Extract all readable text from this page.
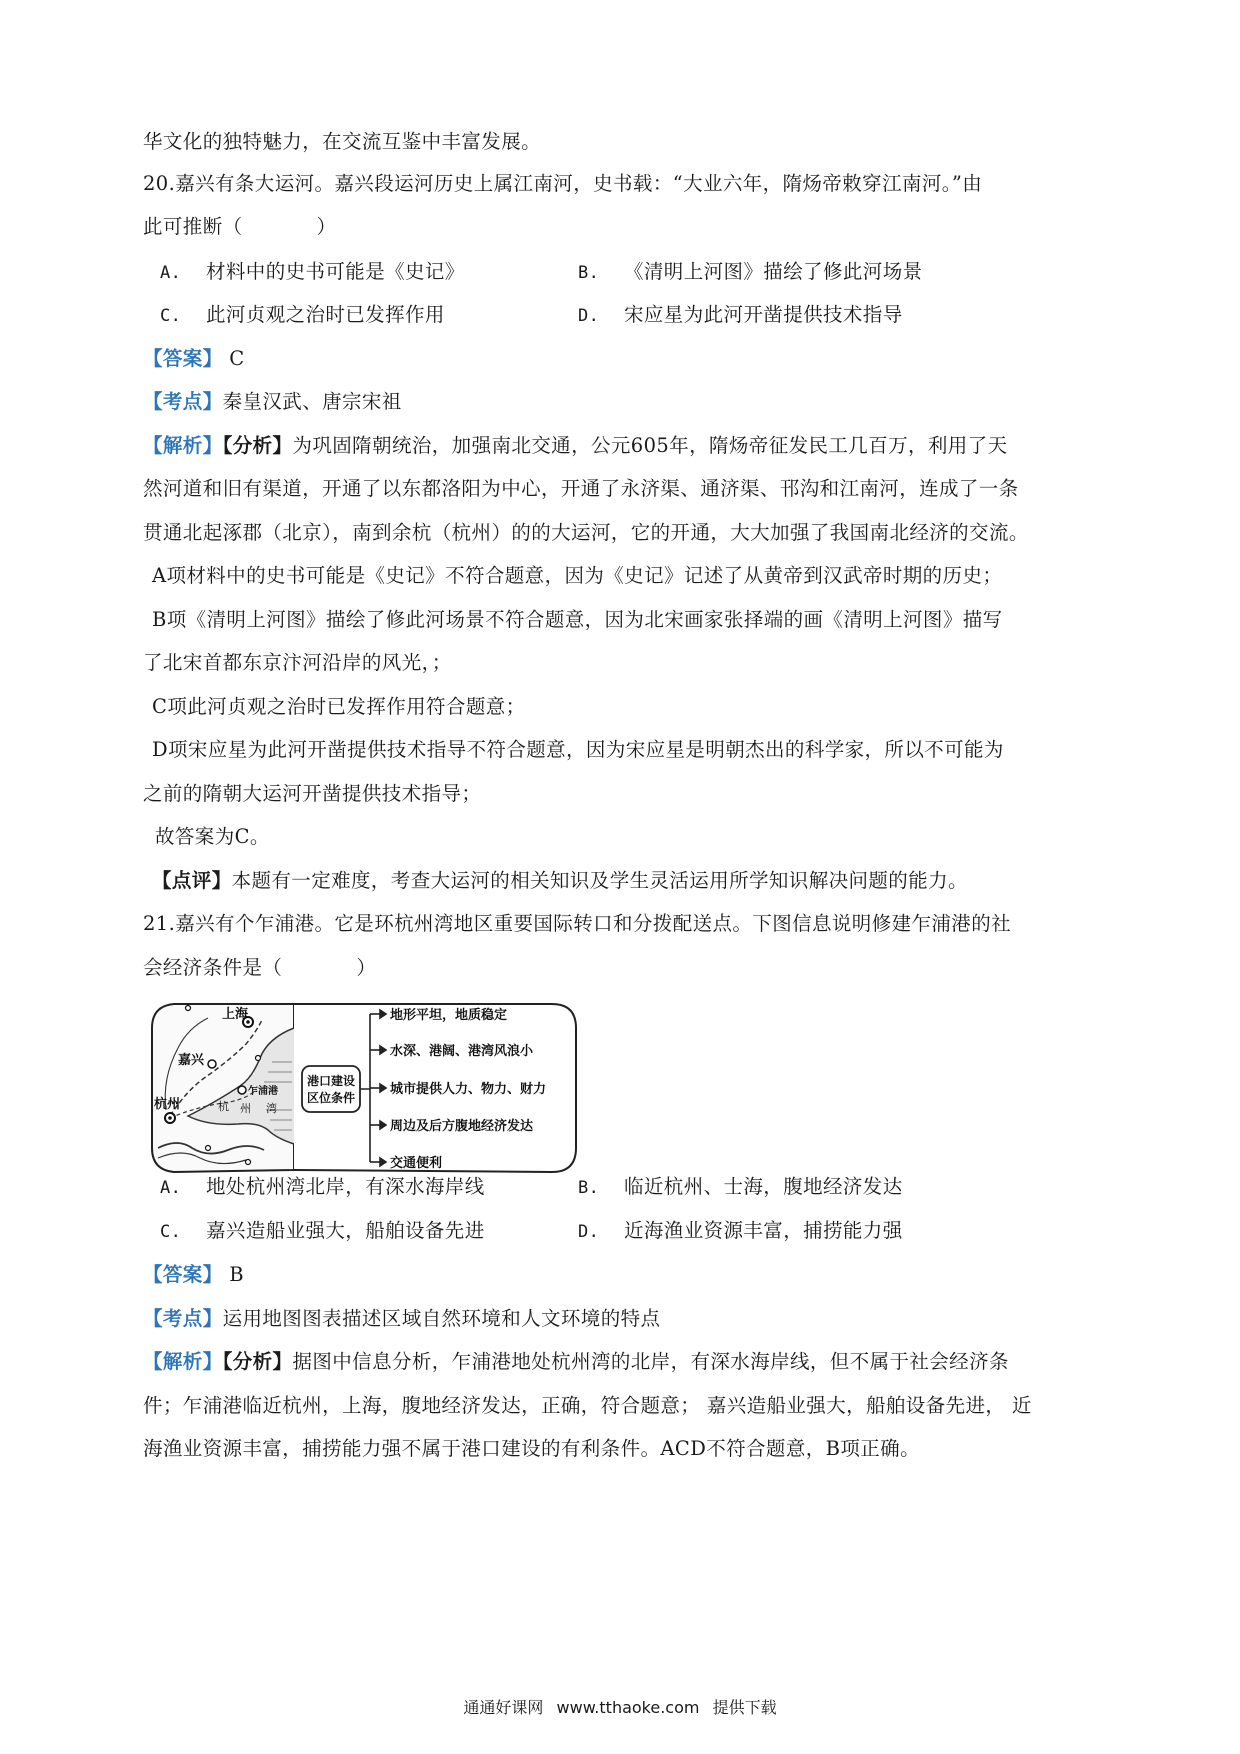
华文化的独特魅力，在交流互鉴中丰富发展。
20.嘉兴有条大运河。嘉兴段运河历史上属江南河，史书载：“大业六年，隋炀帝敕穿江南河。”由
此可推断（	）
A. 材料中的史书可能是《史记》	B. 《清明上河图》描绘了修此河场景
C. 此河贞观之治时已发挥作用	D. 宋应星为此河开凿提供技术指导
【答案】 C
【考点】秦皇汉武、唐宗宋祖
【解析】【分析】为巩固隋朝统治，加强南北交通，公元605年，隋炀帝征发民工几百万，利用了天
然河道和旧有渠道，开通了以东都洛阳为中心，开通了永济渠、通济渠、邗沟和江南河，连成了一条
贯通北起涿郡（北京），南到余杭（杭州）的的大运河，它的开通，大大加强了我国南北经济的交流。
A项材料中的史书可能是《史记》不符合题意，因为《史记》记述了从黄帝到汉武帝时期的历史；
B项《清明上河图》描绘了修此河场景不符合题意，因为北宋画家张择端的画《清明上河图》描写
了北宋首都东京汴河沿岸的风光，；
C项此河贞观之治时已发挥作用符合题意；
D项宋应星为此河开凿提供技术指导不符合题意，因为宋应星是明朝杰出的科学家，所以不可能为
之前的隋朝大运河开凿提供技术指导；
故答案为C。
【点评】本题有一定难度，考查大运河的相关知识及学生灵活运用所学知识解决问题的能力。
21.嘉兴有个乍浦港。它是环杭州湾地区重要国际转口和分拨配送点。下图信息说明修建乍浦港的社
会经济条件是（	）
上海
嘉兴
杭州
乍浦港
杭 州 湾
港口建设
区位条件
地形平坦，地质稳定
水深、港阔、港湾风浪小
城市提供人力、物力、财力
周边及后方腹地经济发达
交通便利
A. 地处杭州湾北岸，有深水海岸线	B. 临近杭州、士海，腹地经济发达
C. 嘉兴造船业强大，船舶设备先进	D. 近海渔业资源丰富，捕捞能力强
【答案】 B
【考点】运用地图图表描述区域自然环境和人文环境的特点
【解析】【分析】据图中信息分析，乍浦港地处杭州湾的北岸，有深水海岸线，但不属于社会经济条
件；乍浦港临近杭州，上海，腹地经济发达，正确，符合题意； 嘉兴造船业强大，船舶设备先进， 近
海渔业资源丰富，捕捞能力强不属于港口建设的有利条件。ACD不符合题意，B项正确。
通通好课网 www.tthaoke.com 提供下载
